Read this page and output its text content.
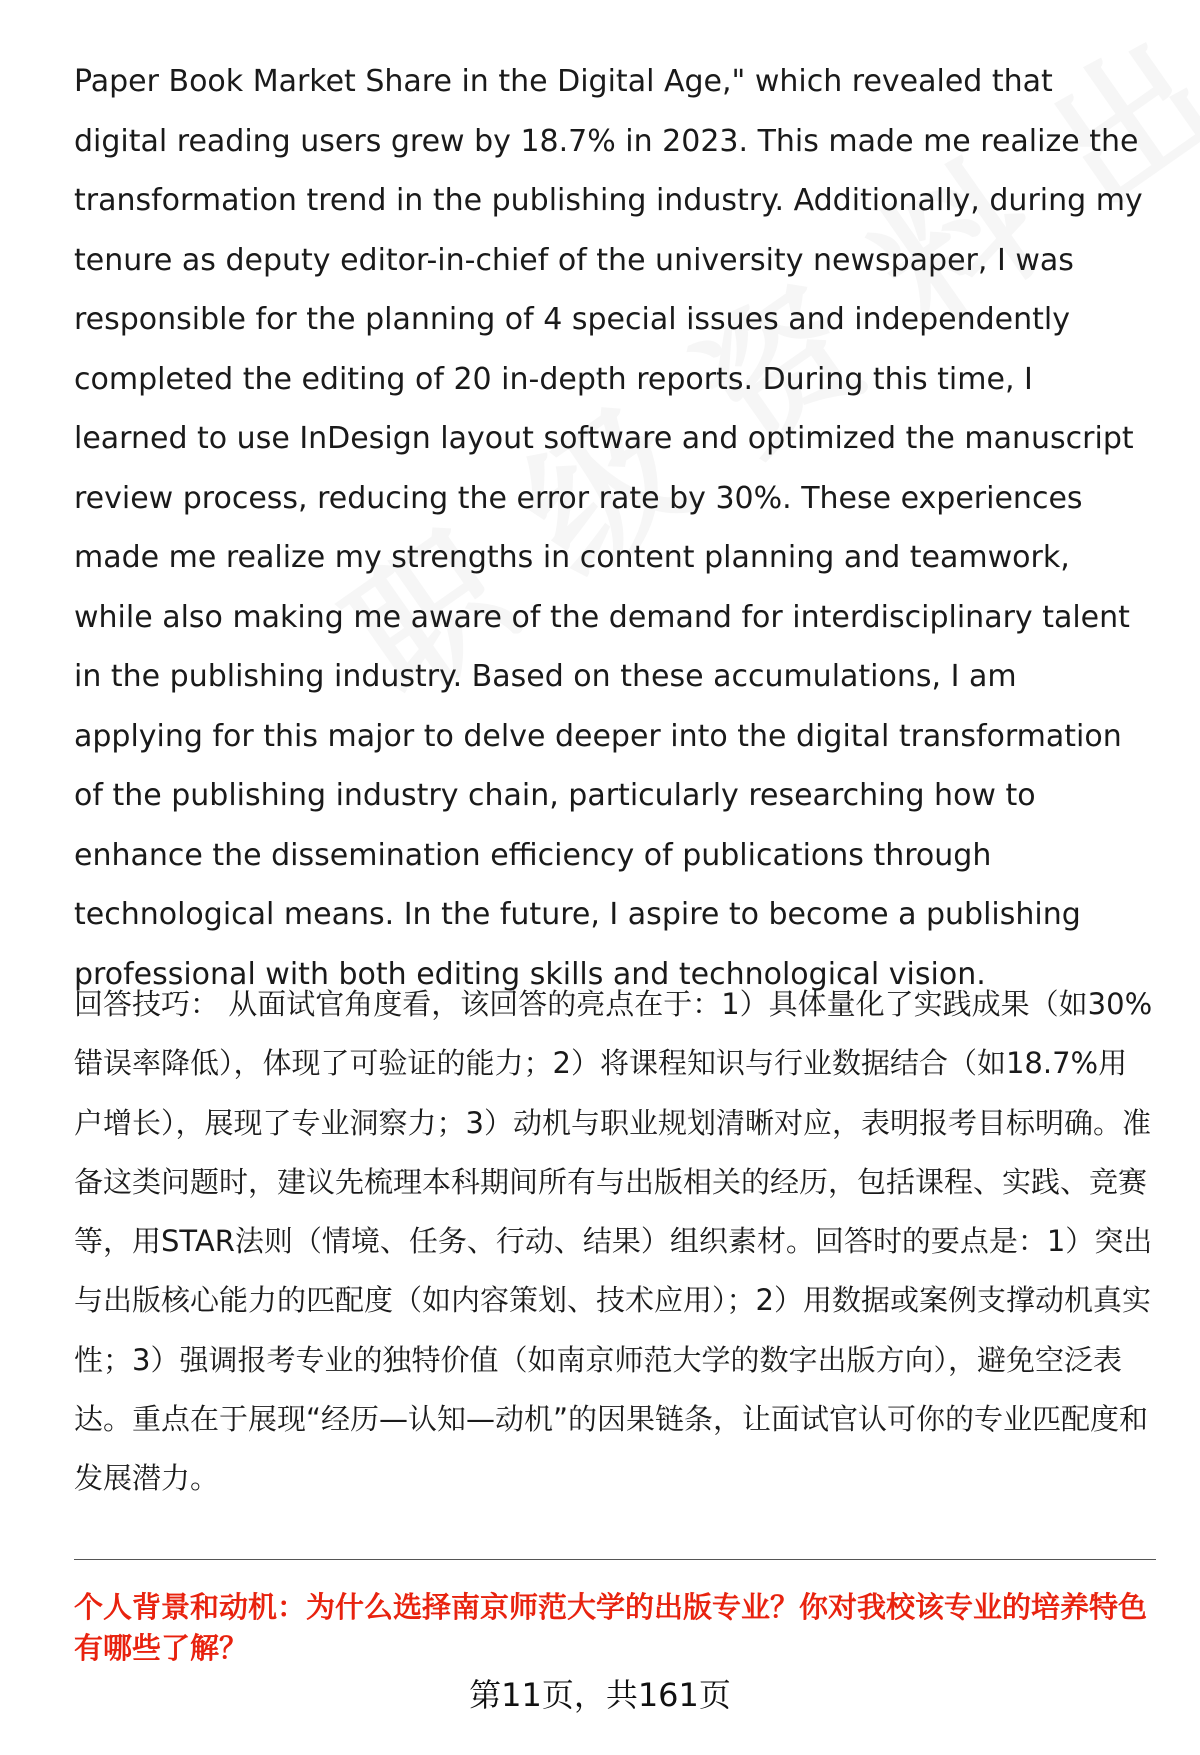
Paper Book Market Share in the Digital Age," which revealed that digital reading users grew by 18.7% in 2023. This made me realize the transformation trend in the publishing industry. Additionally, during my tenure as deputy editor-in-chief of the university newspaper, I was responsible for the planning of 4 special issues and independently completed the editing of 20 in-depth reports. During this time, I learned to use InDesign layout software and optimized the manuscript review process, reducing the error rate by 30%. These experiences made me realize my strengths in content planning and teamwork, while also making me aware of the demand for interdisciplinary talent in the publishing industry. Based on these accumulations, I am applying for this major to delve deeper into the digital transformation of the publishing industry chain, particularly researching how to enhance the dissemination efficiency of publications through technological means. In the future, I aspire to become a publishing professional with both editing skills and technological vision.

回答技巧： 从面试官角度看，该回答的亮点在于：1）具体量化了实践成果（如30%错误率降低），体现了可验证的能力；2）将课程知识与行业数据结合（如18.7%用户增长），展现了专业洞察力；3）动机与职业规划清晰对应，表明报考目标明确。准备这类问题时，建议先梳理本科期间所有与出版相关的经历，包括课程、实践、竞赛等，用STAR法则（情境、任务、行动、结果）组织素材。回答时的要点是：1）突出与出版核心能力的匹配度（如内容策划、技术应用）；2）用数据或案例支撑动机真实性；3）强调报考专业的独特价值（如南京师范大学的数字出版方向），避免空泛表达。重点在于展现“经历—认知—动机”的因果链条，让面试官认可你的专业匹配度和发展潜力。

个人背景和动机：为什么选择南京师范大学的出版专业？你对我校该专业的培养特色有哪些了解？

第11页，共161页
